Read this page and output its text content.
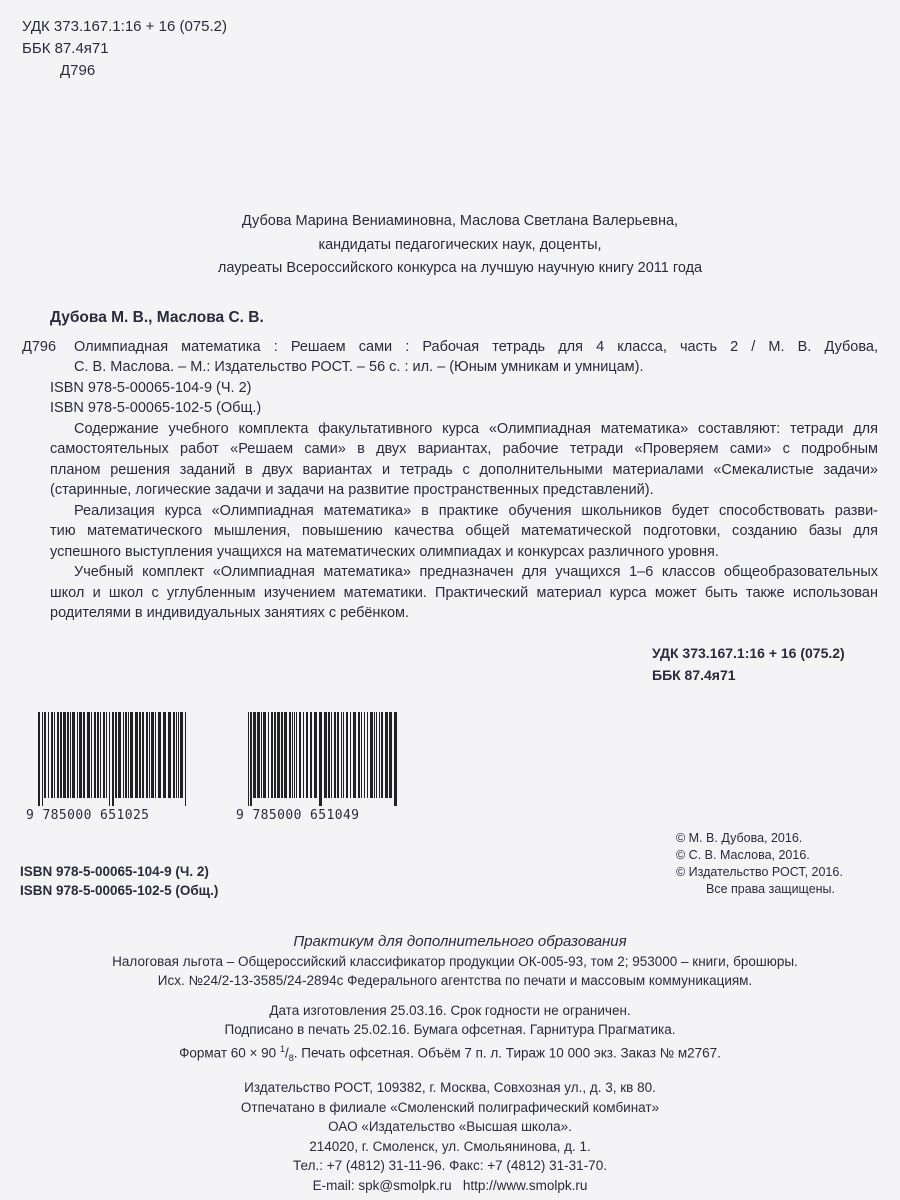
УДК 373.167.1:16 + 16 (075.2)
ББК 87.4я71
Д796
Дубова Марина Вениаминовна, Маслова Светлана Валерьевна,
кандидаты педагогических наук, доценты,
лауреаты Всероссийского конкурса на лучшую научную книгу 2011 года
Дубова М. В., Маслова С. В.
Д796	Олимпиадная математика : Решаем сами : Рабочая тетрадь для 4 класса, часть 2 / М. В. Дубова,
С. В. Маслова. – М.: Издательство РОСТ. – 56 с. : ил. – (Юным умникам и умницам).
ISBN 978-5-00065-104-9 (Ч. 2)
ISBN 978-5-00065-102-5 (Общ.)
Содержание учебного комплекта факультативного курса «Олимпиадная математика» составляют: тетради для
самостоятельных работ «Решаем сами» в двух вариантах, рабочие тетради «Проверяем сами» с подробным
планом решения заданий в двух вариантах и тетрадь с дополнительными материалами «Смекалистые задачи»
(старинные, логические задачи и задачи на развитие пространственных представлений).
Реализация курса «Олимпиадная математика» в практике обучения школьников будет способствовать разви-
тию математического мышления, повышению качества общей математической подготовки, созданию базы для
успешного выступления учащихся на математических олимпиадах и конкурсах различного уровня.
Учебный комплект «Олимпиадная математика» предназначен для учащихся 1–6 классов общеобразовательных
школ и школ с углубленным изучением математики. Практический материал курса может быть также использован
родителями в индивидуальных занятиях с ребёнком.
УДК 373.167.1:16 + 16 (075.2)
ББК 87.4я71
9 785000 651025	9 785000 651049
© М. В. Дубова, 2016.
© С. В. Маслова, 2016.
© Издательство РОСТ, 2016.
Все права защищены.
ISBN 978-5-00065-104-9 (Ч. 2)
ISBN 978-5-00065-102-5 (Общ.)
Практикум для дополнительного образования
Налоговая льгота – Общероссийский классификатор продукции ОК-005-93, том 2; 953000 – книги, брошюры.
Исх. №24/2-13-3585/24-2894с Федерального агентства по печати и массовым коммуникациям.
Дата изготовления 25.03.16. Срок годности не ограничен.
Подписано в печать 25.02.16. Бумага офсетная. Гарнитура Прагматика.
Формат 60 × 90 $^1/_8$. Печать офсетная. Объём 7 п. л. Тираж 10 000 экз. Заказ № м2767.
Издательство РОСТ, 109382, г. Москва, Совхозная ул., д. 3, кв 80.
Отпечатано в филиале «Смоленский полиграфический комбинат»
ОАО «Издательство «Высшая школа».
214020, г. Смоленск, ул. Смольянинова, д. 1.
Тел.: +7 (4812) 31-11-96. Факс: +7 (4812) 31-31-70.
E-mail: spk@smolpk.ru   http://www.smolpk.ru
